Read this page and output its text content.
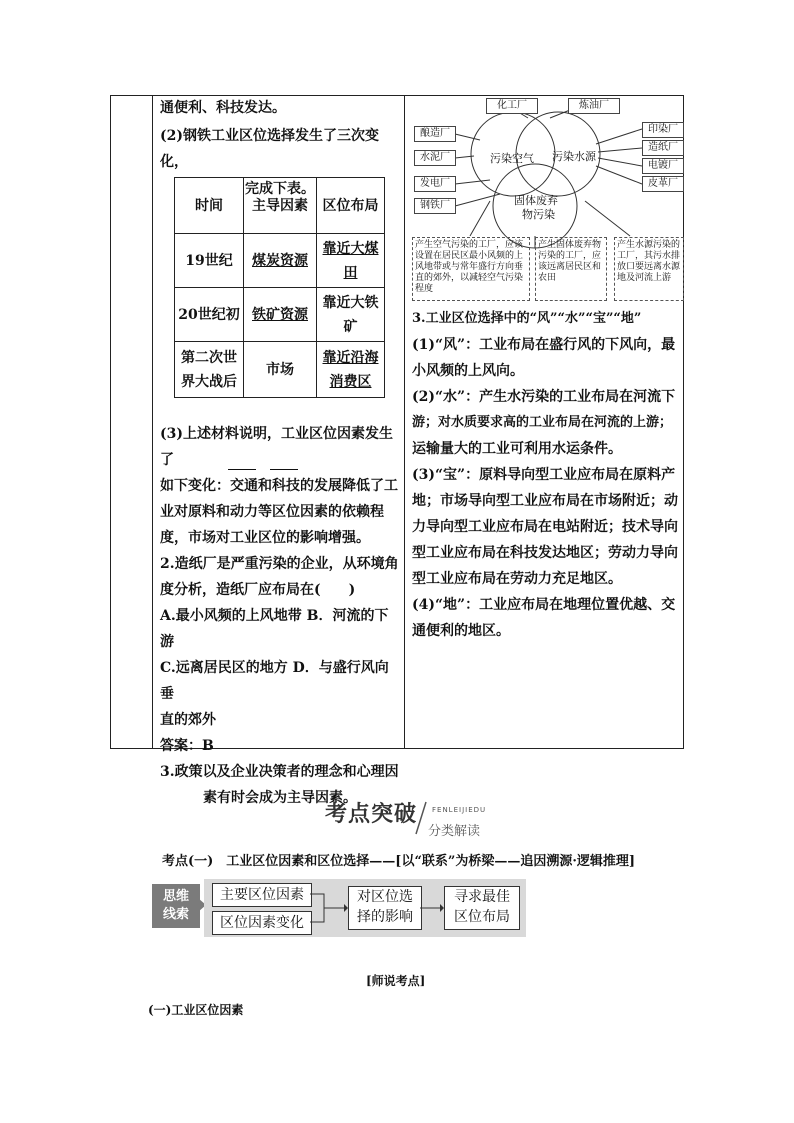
通便利、科技发达。

(2)钢铁工业区位选择发生了三次变化，

完成下表。

时间	主导因素	区位布局
19世纪	煤炭资源	靠近大煤田
20世纪初	铁矿资源	靠近大铁矿
第二次世界大战后	市场	靠近沿海消费区

(3)上述材料说明，工业区位因素发生了

如下变化：交通和科技的发展降低了工

业对原料和动力等区位因素的依赖程

度，市场对工业区位的影响增强。

2.造纸厂是严重污染的企业，从环境角

度分析，造纸厂应布局在(　　)

A.最小风频的上风地带 B．河流的下游

C.远离居民区的地方 D．与盛行风向垂

直的郊外

答案：B

3.政策以及企业决策者的理念和心理因

素有时会成为主导因素。

化工厂	炼油厂
酿造厂
水泥厂
发电厂
钢铁厂
印染厂
造纸厂
电镀厂
皮革厂
污染空气 污染水源
固体废弃
物污染
产生空气污染的工厂，应该设置在居民区最小风频的上风地带或与常年盛行方向垂直的郊外，以减轻空气污染程度
产生固体废弃物污染的工厂，应该远离居民区和农田
产生水源污染的工厂，其污水排放口要远离水源地及河流上游

3.工业区位选择中的“风”“水”“宝”“地”

(1)“风”：工业布局在盛行风的下风向，最

小风频的上风向。

(2)“水”：产生水污染的工业布局在河流下

游；对水质要求高的工业布局在河流的上游；

运输量大的工业可利用水运条件。

(3)“宝”：原料导向型工业应布局在原料产

地；市场导向型工业应布局在市场附近；动

力导向型工业应布局在电站附近；技术导向

型工业应布局在科技发达地区；劳动力导向

型工业应布局在劳动力充足地区。

(4)“地”：工业应布局在地理位置优越、交

通便利的地区。

考点突破 FENLEIJIEDU
分类解读
考点(一)　工业区位因素和区位选择——[以“联系”为桥梁——追因溯源·逻辑推理]
思维
线索
主要区位因素
区位因素变化
对区位选
择的影响
寻求最佳
区位布局
[师说考点]
(一)工业区位因素
